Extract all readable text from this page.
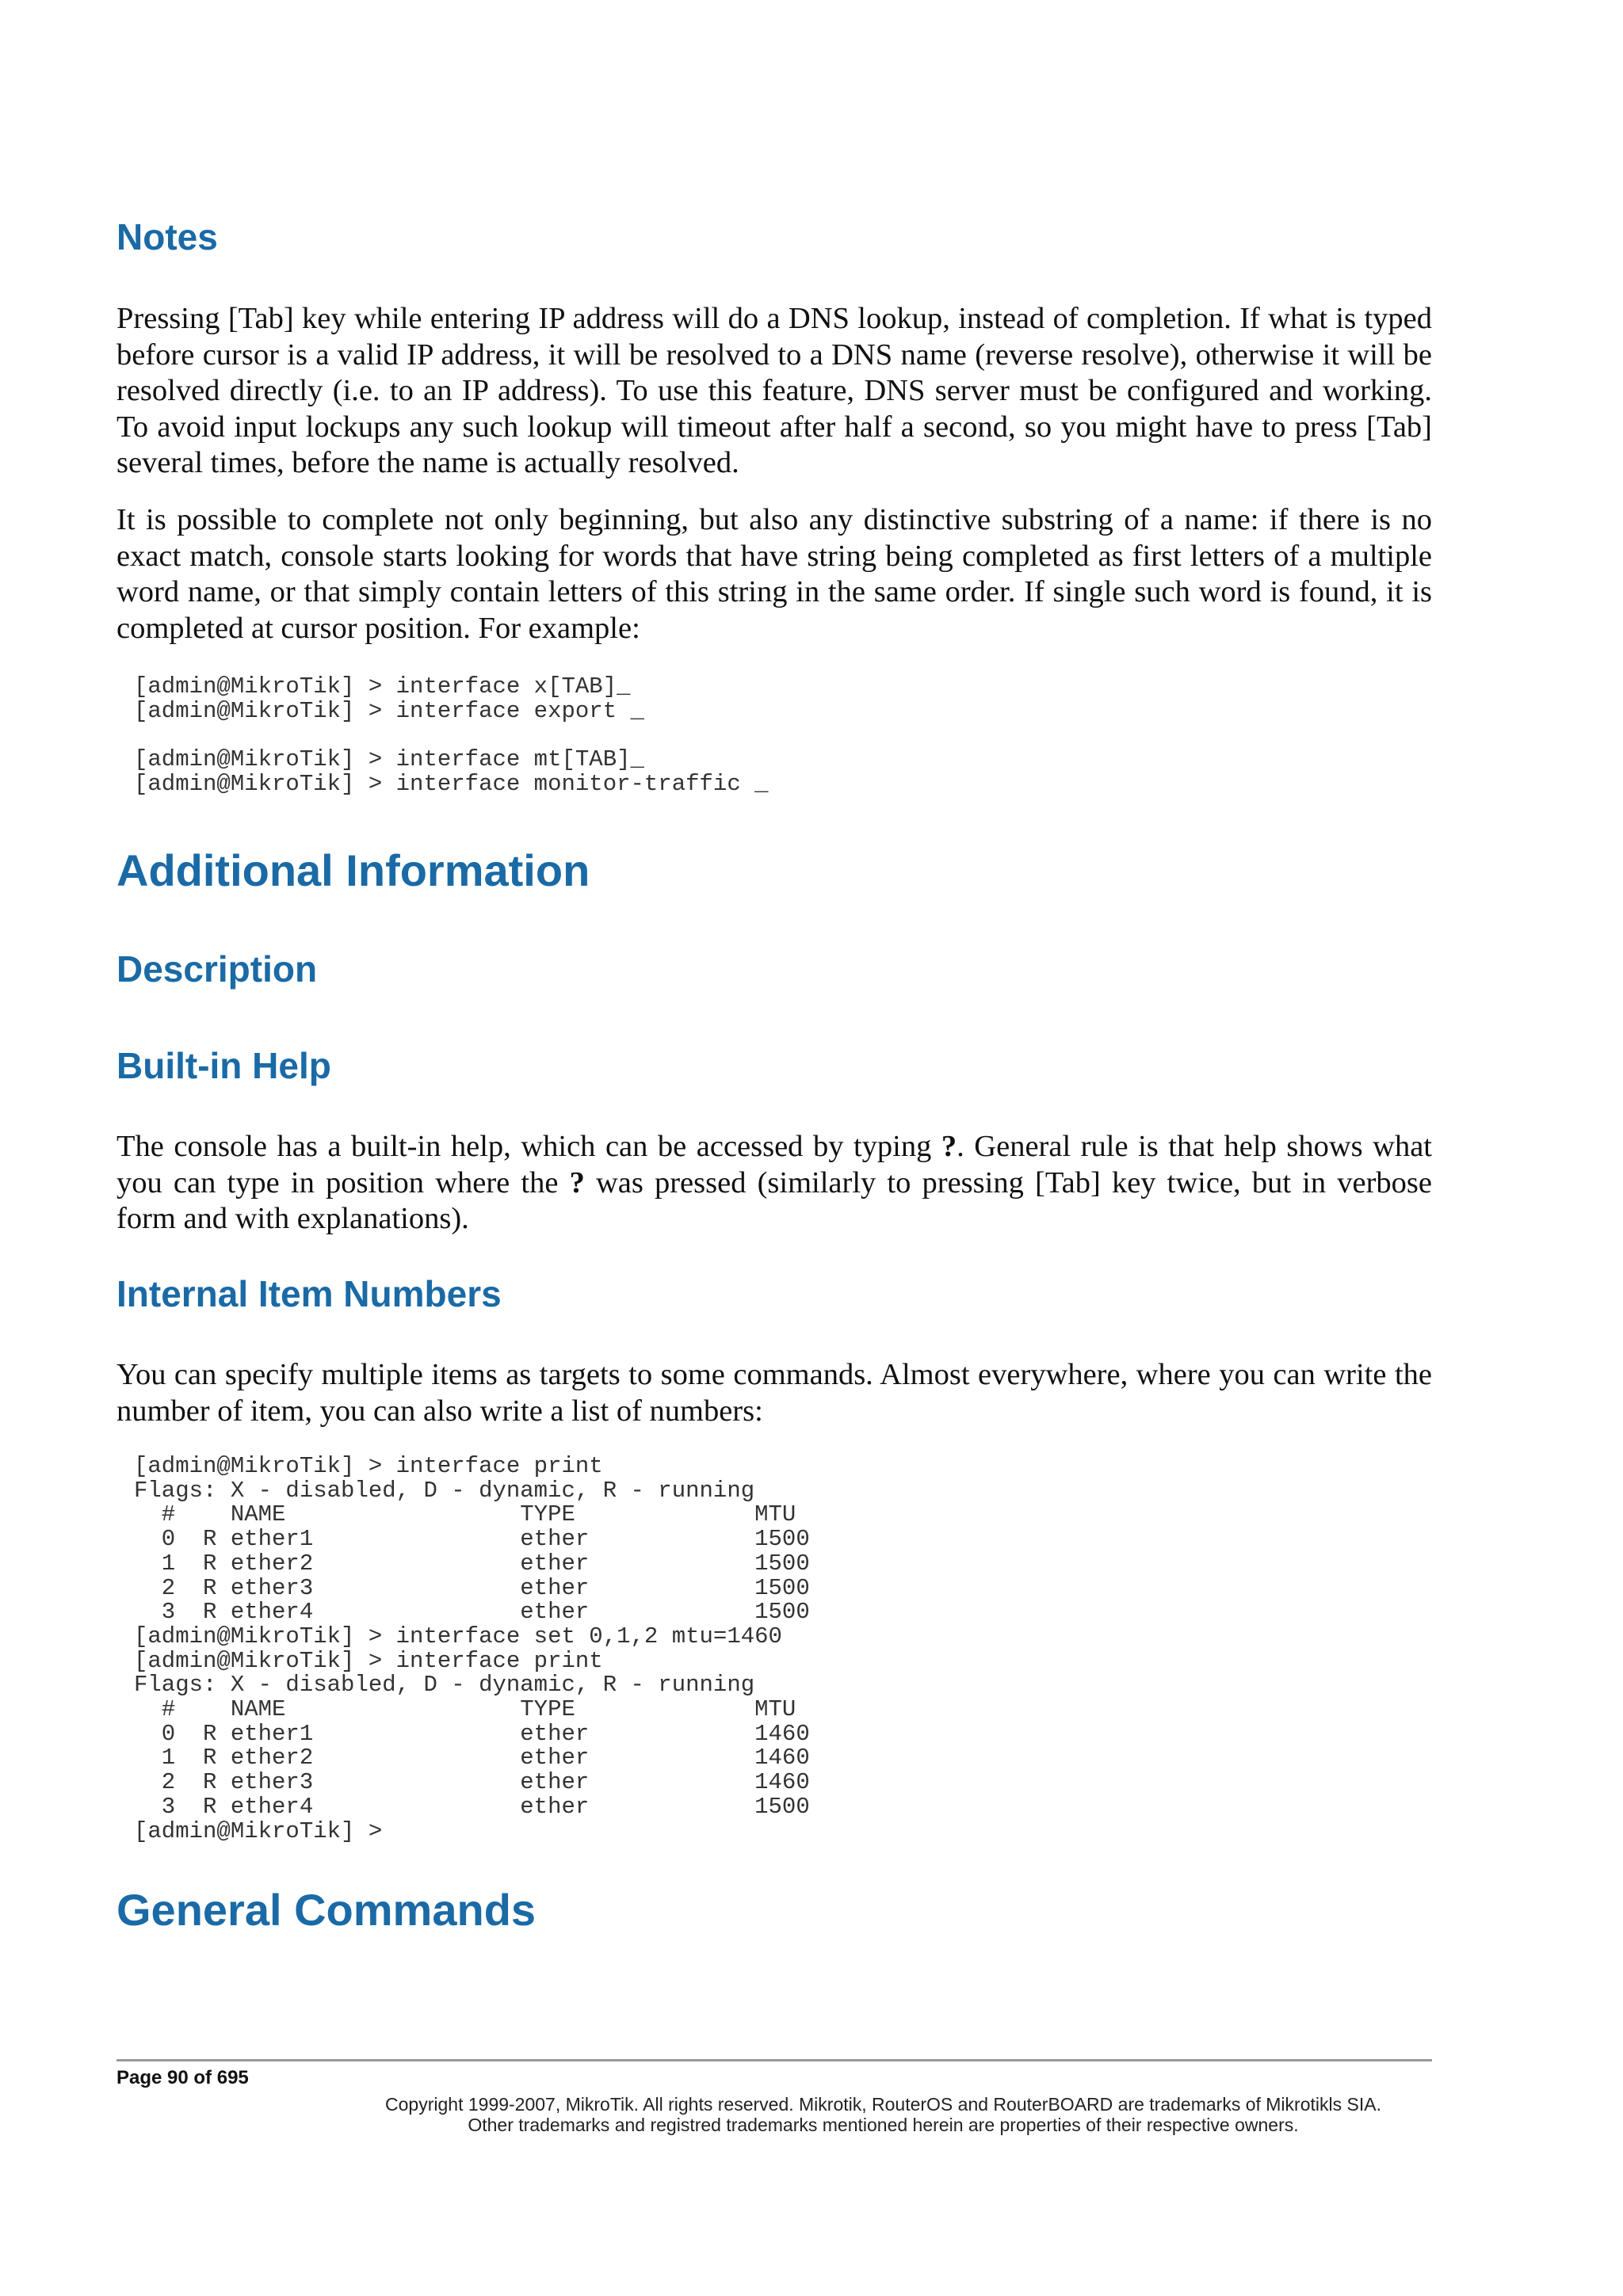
Notes

Pressing [Tab] key while entering IP address will do a DNS lookup, instead of completion. If what is typed before cursor is a valid IP address, it will be resolved to a DNS name (reverse resolve), otherwise it will be resolved directly (i.e. to an IP address). To use this feature, DNS server must be configured and working. To avoid input lockups any such lookup will timeout after half a second, so you might have to press [Tab] several times, before the name is actually resolved.

It is possible to complete not only beginning, but also any distinctive substring of a name: if there is no exact match, console starts looking for words that have string being completed as first letters of a multiple word name, or that simply contain letters of this string in the same order. If single such word is found, it is completed at cursor position. For example:

[admin@MikroTik] > interface x[TAB]_
[admin@MikroTik] > interface export _

[admin@MikroTik] > interface mt[TAB]_
[admin@MikroTik] > interface monitor-traffic _
Additional Information
Description
Built-in Help

The console has a built-in help, which can be accessed by typing ?. General rule is that help shows what you can type in position where the ? was pressed (similarly to pressing [Tab] key twice, but in verbose form and with explanations).

Internal Item Numbers

You can specify multiple items as targets to some commands. Almost everywhere, where you can write the number of item, you can also write a list of numbers:

[admin@MikroTik] > interface print
Flags: X - disabled, D - dynamic, R - running
#    NAME                 TYPE             MTU
0  R ether1               ether            1500
1  R ether2               ether            1500
2  R ether3               ether            1500
3  R ether4               ether            1500
[admin@MikroTik] > interface set 0,1,2 mtu=1460
[admin@MikroTik] > interface print
Flags: X - disabled, D - dynamic, R - running
#    NAME                 TYPE             MTU
0  R ether1               ether            1460
1  R ether2               ether            1460
2  R ether3               ether            1460
3  R ether4               ether            1500
[admin@MikroTik] >
General Commands
Page 90 of 695
Copyright 1999-2007, MikroTik. All rights reserved. Mikrotik, RouterOS and RouterBOARD are trademarks of Mikrotikls SIA.
Other trademarks and registred trademarks mentioned herein are properties of their respective owners.
